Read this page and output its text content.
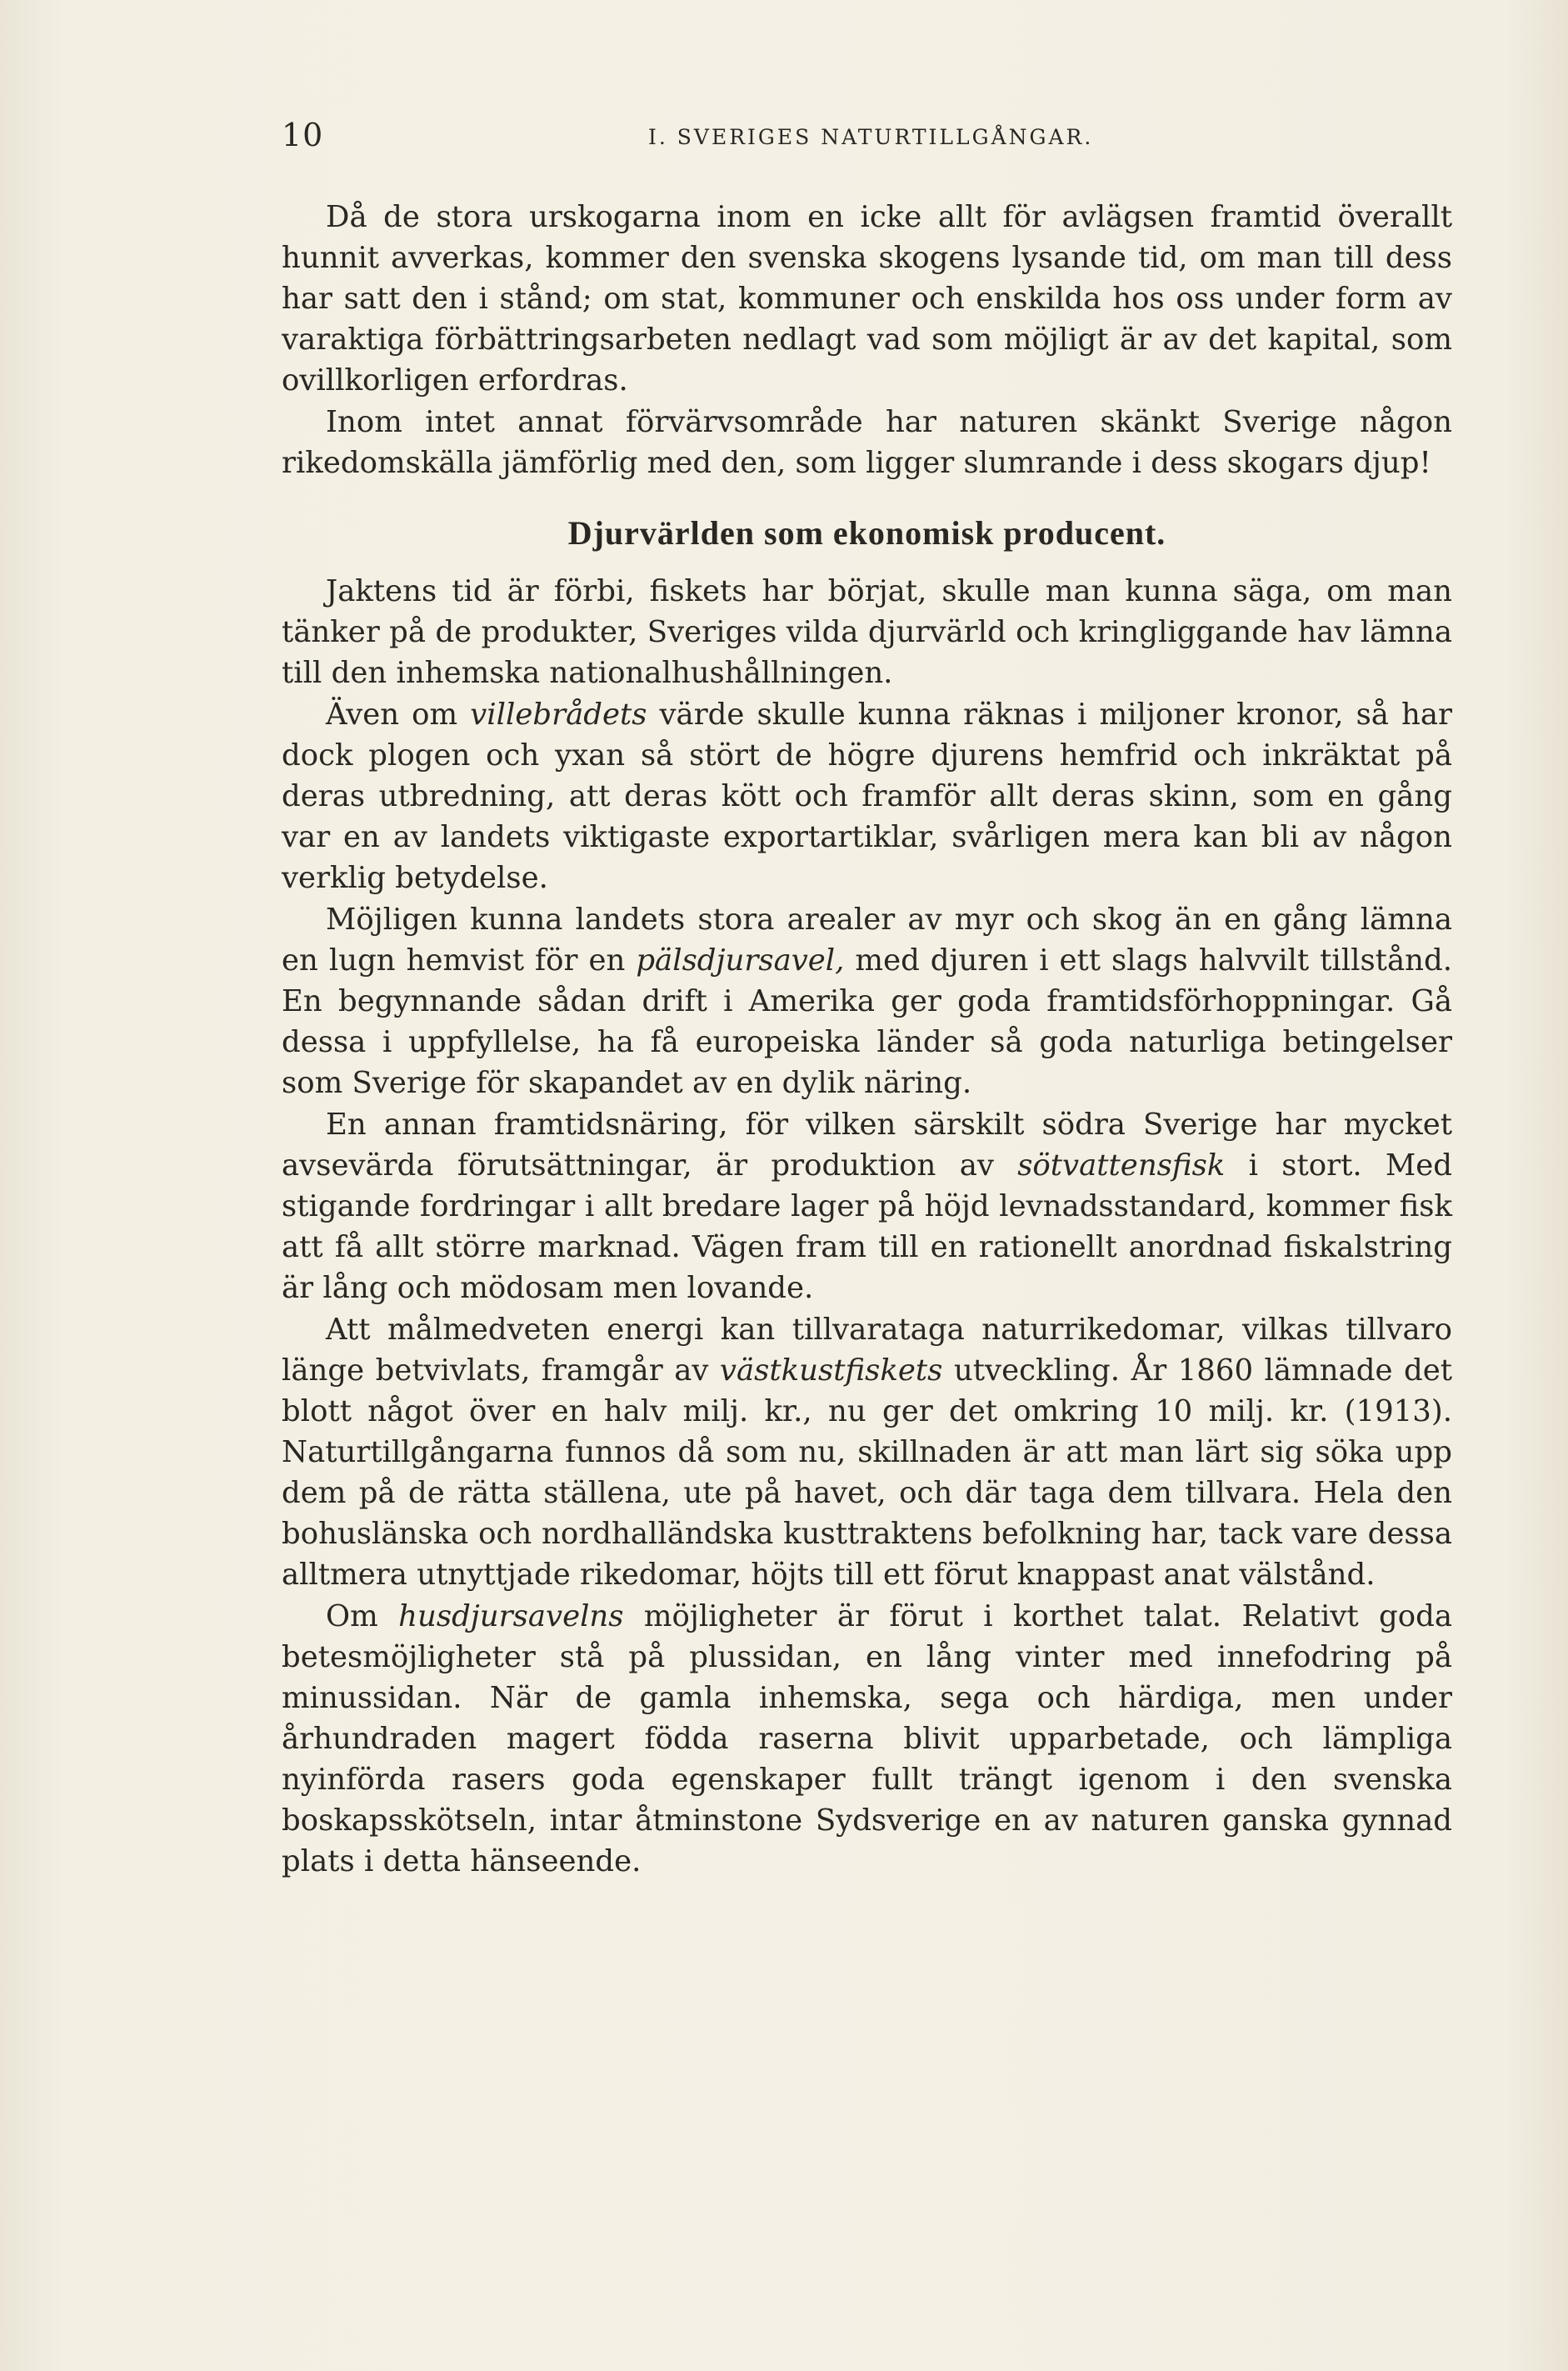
10	I. SVERIGES NATURTILLGÅNGAR.

Då de stora urskogarna inom en icke allt för avlägsen framtid överallt hunnit avverkas, kommer den svenska skogens lysande tid, om man till dess har satt den i stånd; om stat, kommuner och enskilda hos oss under form av varaktiga förbättringsarbeten nedlagt vad som möjligt är av det kapital, som ovillkorligen erfordras.

Inom intet annat förvärvsområde har naturen skänkt Sverige någon rikedomskälla jämförlig med den, som ligger slumrande i dess skogars djup!

Djurvärlden som ekonomisk producent.

Jaktens tid är förbi, fiskets har börjat, skulle man kunna säga, om man tänker på de produkter, Sveriges vilda djurvärld och kringliggande hav lämna till den inhemska nationalhushållningen.

Även om villebrådets värde skulle kunna räknas i miljoner kronor, så har dock plogen och yxan så stört de högre djurens hemfrid och inkräktat på deras utbredning, att deras kött och framför allt deras skinn, som en gång var en av landets viktigaste exportartiklar, svårligen mera kan bli av någon verklig betydelse.

Möjligen kunna landets stora arealer av myr och skog än en gång lämna en lugn hemvist för en pälsdjursavel, med djuren i ett slags halvvilt tillstånd. En begynnande sådan drift i Amerika ger goda framtidsförhoppningar. Gå dessa i uppfyllelse, ha få europeiska länder så goda naturliga betingelser som Sverige för skapandet av en dylik näring.

En annan framtidsnäring, för vilken särskilt södra Sverige har mycket avsevärda förutsättningar, är produktion av sötvattensfisk i stort. Med stigande fordringar i allt bredare lager på höjd levnadsstandard, kommer fisk att få allt större marknad. Vägen fram till en rationellt anordnad fiskalstring är lång och mödosam men lovande.

Att målmedveten energi kan tillvaratagа naturrikedomar, vilkas tillvaro länge betvivlats, framgår av västkustfiskets utveckling. År 1860 lämnade det blott något över en halv milj. kr., nu ger det omkring 10 milj. kr. (1913). Naturtillgångarna funnos då som nu, skillnaden är att man lärt sig söka upp dem på de rätta ställena, ute på havet, och där taga dem tillvara. Hela den bohuslänska och nordhalländska kusttraktens befolkning har, tack vare dessa alltmera utnyttjade rikedomar, höjts till ett förut knappast anat välstånd.

Om husdjursavelns möjligheter är förut i korthet talat. Relativt goda betesmöjligheter stå på plussidan, en lång vinter med innefodring på minussidan. När de gamla inhemska, sega och härdiga, men under århundraden magert födda raserna blivit upparbetade, och lämpliga nyinförda rasers goda egenskaper fullt trängt igenom i den svenska boskapsskötseln, intar åtminstone Sydsverige en av naturen ganska gynnad plats i detta hänseende.
